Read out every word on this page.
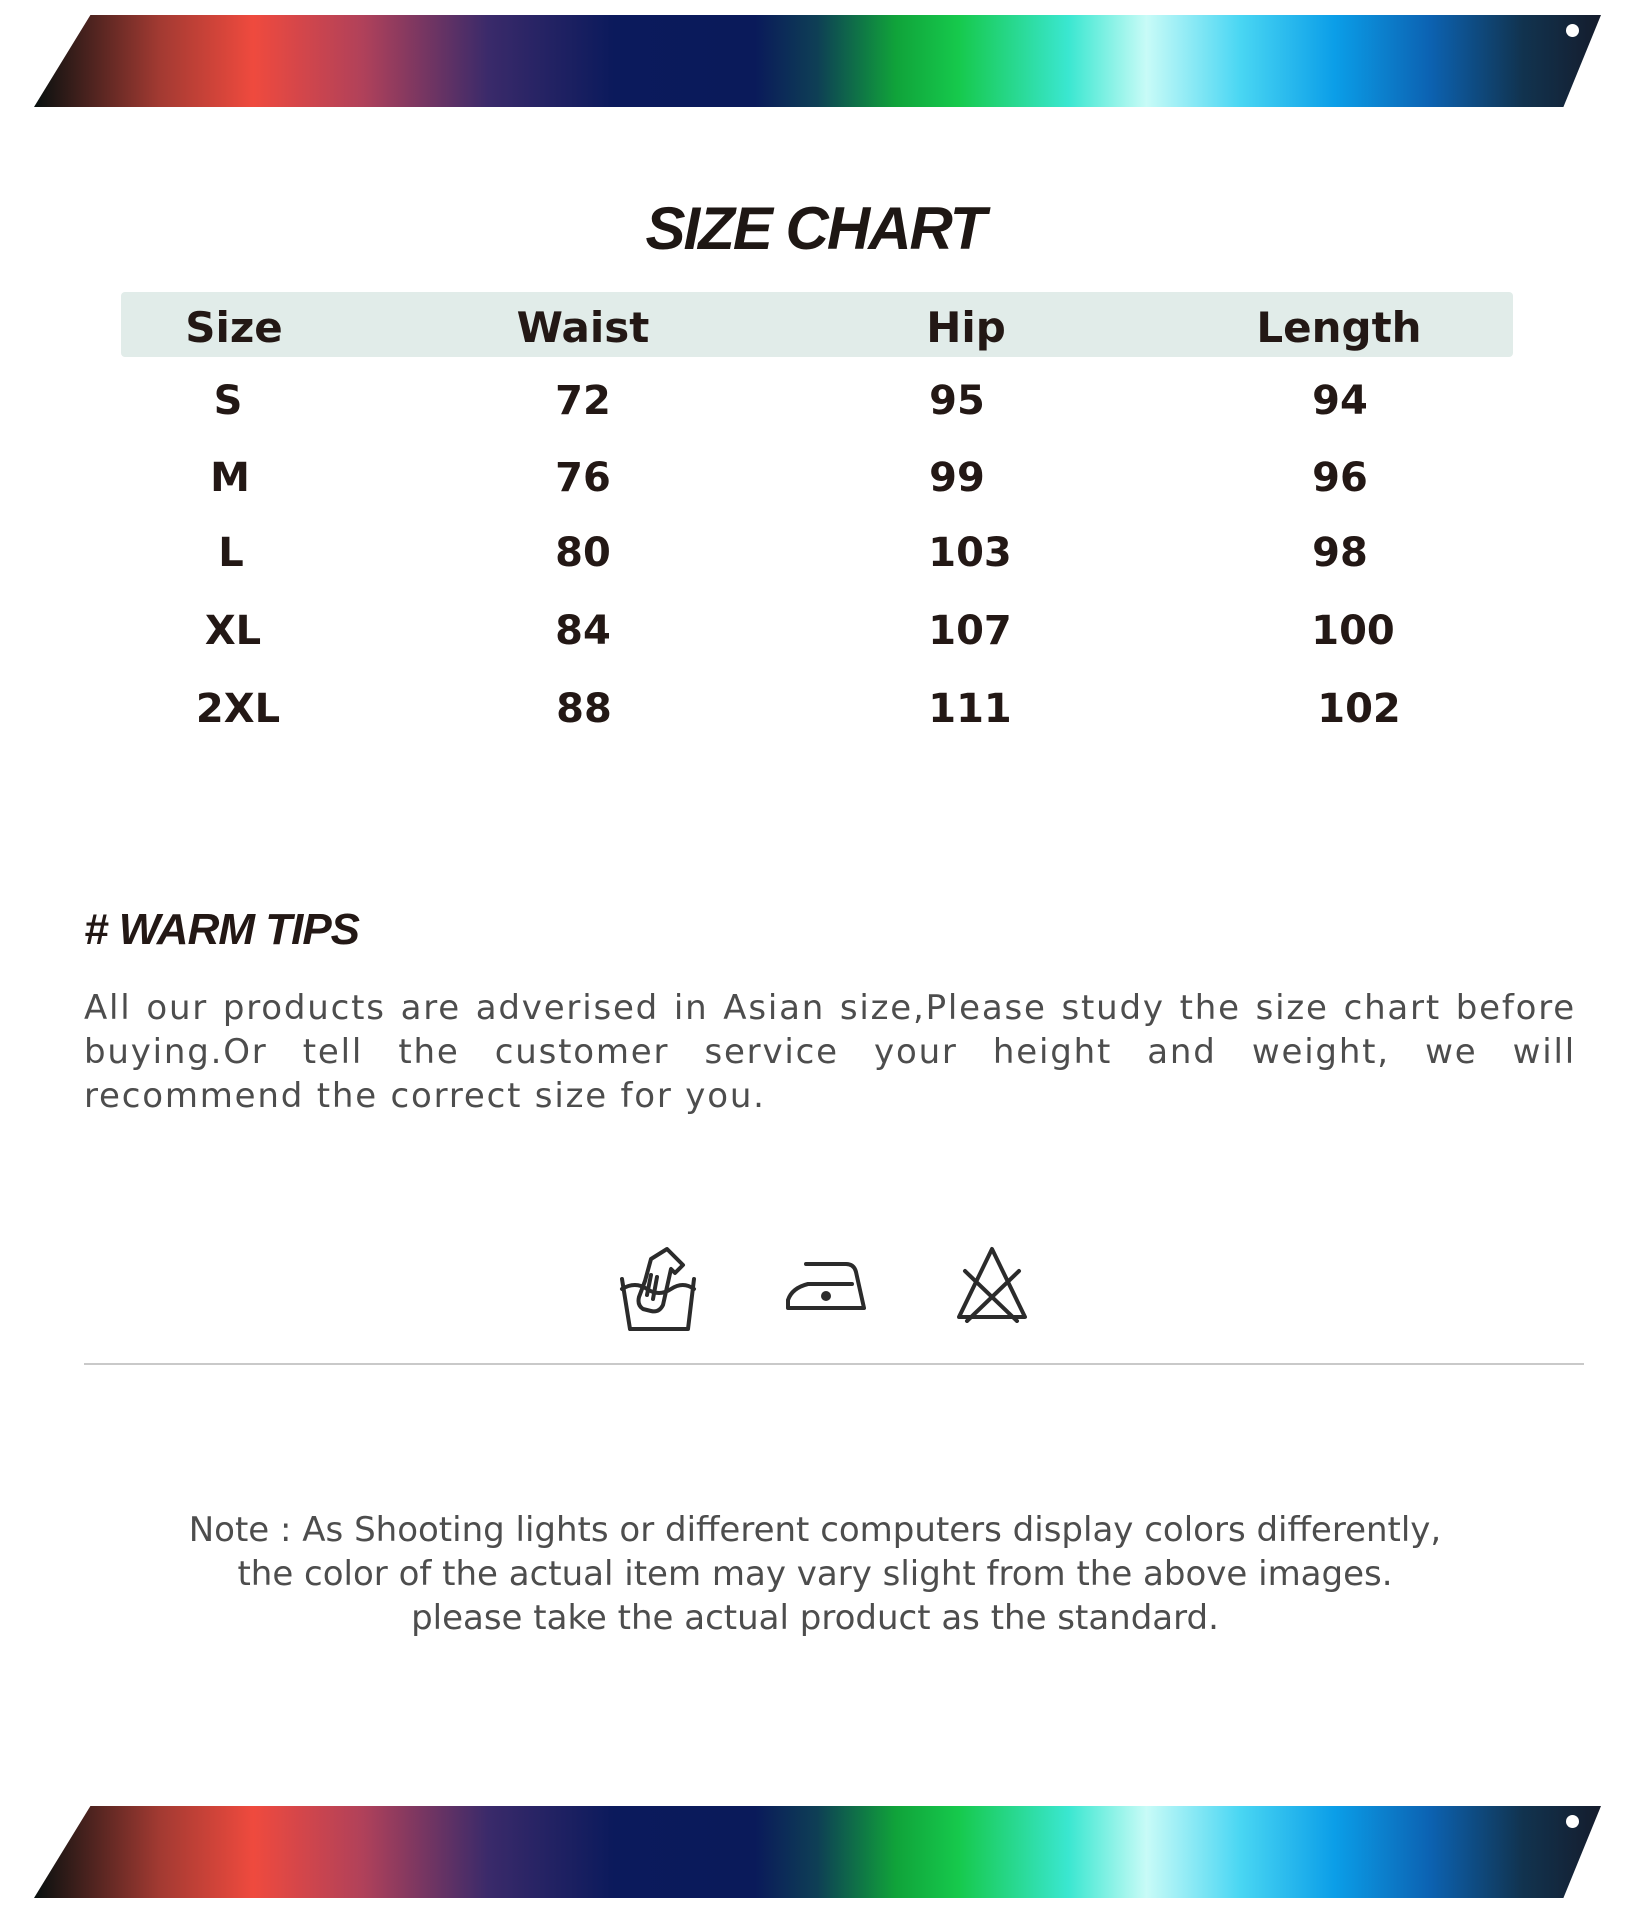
SIZE CHART
Size	Waist	Hip	Length
S	72	95	94
M	76	99	96
L	80	103	98
XL	84	107	100
2XL	88	111	102
# WARM TIPS
All our products are adverised in Asian size,Please study the size chart before buying.Or tell the customer service your height and weight, we will recommend the correct size for you.
Note : As Shooting lights or different computers display colors differently,
the color of the actual item may vary slight from the above images.
please take the actual product as the standard.
